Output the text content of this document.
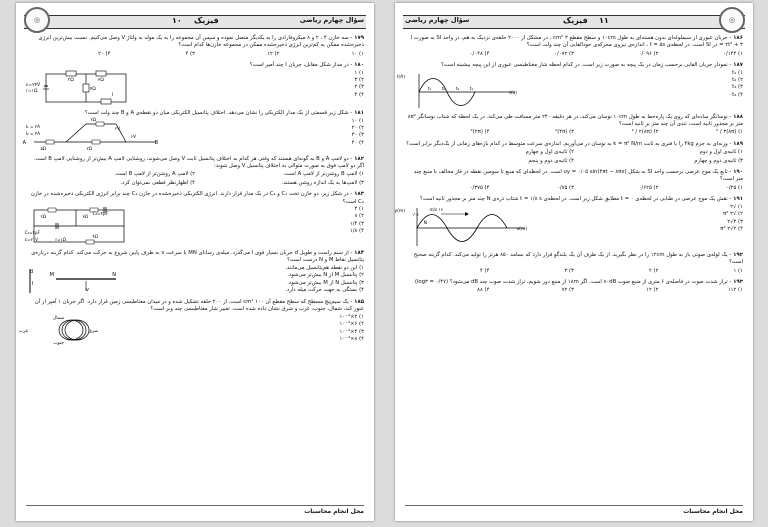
◎	۱۰ فیزیک	سؤال چهارم ریاضی
۱۷۹- سه خازن ۴ ، ۲ و ۸ میکروفارادی را به یکدیگر متصل نموده و سپس آن مجموعه را به یک مولد به ولتاژ V وصل می‌کنیم. نسبت بیش‌ترین انرژی ذخیره‌شده ممکن به کم‌ترین انرژی ذخیره‌شده ممکن در مجموعه خازن‌ها کدام است؟
۱) ۱۰
۲) ۱۲
۳) ۴
۴) ۲۰
۱۸۰- در مدار شکل مقابل، جریان I چند آمپر است؟
۱) ۱
۲) ۳
۳) ۲
۴) ۴
ε=۲۴V
r=۱Ω
۳Ω	۲Ω
۴Ω
I
۱۸۱- شکل زیر قسمتی از یک مدار الکتریکی را نشان می‌دهد. اختلاف پتانسیل الکتریکی میان دو نقطه‌ی A و B چند ولت است؟
۱) ۱۰
۲) ۲۰
۳) ۳۰
۴) ۴۰
A	B
I₁ = ۲A
I₂ = ۴A
۵Ω
۲Ω
۲Ω
۲V
۶V
۱۸۲- دو لامپ A و B به گونه‌ای هستند که وقتی هر کدام به اختلاف پتانسیل ثابت V وصل می‌شوند، روشنایی لامپ A بیش‌تر از روشنایی لامپ B است. اگر دو لامپ فوق به صورت متوالی به اختلاف پتانسیل V وصل شوند:
۱) لامپ B روشن‌تر از لامپ A است.
۲) لامپ A روشن‌تر از لامپ B است.
۳) لامپ‌ها به یک اندازه روشن هستند.
۴) اظهارنظر قطعی نمی‌توان کرد.
۱۸۳- در شکل زیر، دو خازن تخت C₁ و C₂ در یک مدار قرار دارند. انرژی الکتریکی ذخیره‌شده در خازن C₁ چند برابر انرژی الکتریکی ذخیره‌شده در خازن C₂ است؟
۱) ۴
۲) ۸
۳) ۱/۴
۴) ۱/۸
۲Ω	۳Ω
C₂=۴μF
C₁=۲μF
ε=۲۰V	r=۱Ω
۴Ω
۱۸۴- از سیم راست و طویل d جریان بسیار قوی I می‌گذرد. میله‌ی رسانای MN با سرعت v به طرف پایین شروع به حرکت می‌کند. کدام گزینه درباره‌ی پتانسیل نقاط M و N درست است؟
۱) این دو نقطه هم‌پتانسیل می‌مانند.
۲) پتانسیل M از N بیش‌تر می‌شود.
۳) پتانسیل N از M بیش‌تر می‌شود.
۴) بستگی به جهت حرکت میله دارد.
d
I
M	N
v
۱۸۵- یک سیم‌پیچ مسطح که سطح مقطع آن ۱۰۰ cm² است، از ۲۰۰ حلقه تشکیل شده و در میدان مغناطیسی زمین قرار دارد. اگر جریان ۱ آمپر از آن عبور کند، شمال، جنوب، غرب و شرق نشان داده شده است. تغییر شار مغناطیسی چند وبر است؟
۱) ۲×۱۰⁻⁴
۲) ۶×۱۰⁻⁴
۳) ۴×۱۰⁻⁴
۴) ۸×۱۰⁻⁴
شمال
جنوب
غرب	شرق
محل انجام محاسبات
سؤال چهارم ریاضی	فیزیک ۱۱	◎
۱۸۶- جریان عبوری از سیملوله‌ای بدون هسته‌ای به طول ۱۰cm و سطح مقطع ۳ cm² ، در مشکل از ۲۰۰۰ حلقه‌ی نزدیک به هم، در واحد SI به صورت I = ۲t² + ۳ در SI است. در لحظه‌ی t = ۵s ، اندازه‌ی نیروی محرکه‌ی خودالقایی آن چند ولت است؟
۱) ۰/۱۴۴
۲) ۰/۰۹۶
۳) ۰/۰۷۲
۴) ۰/۰۴۸
۱۸۷- نمودار جریان القایی برحسب زمان در یک پیچه به صورت زیر است. در کدام لحظه شار مغناطیسی عبوری از این پیچه بیشینه است؟
۱) t₁
۲) t₂
۳) t₃
۴) t₄
I(A)
t(s)
t₁	t₂	t₃	t₄
۱۸۸- نوسانگر ساده‌ای که روی یک پاره‌خط به طول ۱۰cm نوسان می‌کند، در هر دقیقه ۲۴۰ متر مسافت طی می‌کند. در یک لحظه که شتاب نوسانگر ۸π² متر بر مجذور ثانیه است، تندی آن چند متر بر ثانیه است؟
۱) (۸π)² / ۳
۲) (۸π)² / ۲
۳) (۴π)²
۴) (۲π)²
۱۸۹- وزنه‌ای به جرم ۴kg را با فنری به ثابت k = π² N/m به نوسان در می‌آوریم. اندازه‌ی سرعت متوسط در کدام بازه‌های زمانی از یک‌دیگر برابر است؟
۱) ثانیه‌ی اول و دوم
۲) ثانیه‌ی اول و چهارم
۳) ثانیه‌ی دوم و چهارم
۴) ثانیه‌ی دوم و پنجم
۱۹۰- تابع یک موج عرضی برحسب واحد SI به شکل uy = ۰/۰۵ sin(۴πt − ۸πx) است. در لحظه‌ای که منبع تا سومین نقطه در فاز مخالف با منبع چند متر است؟
۱) ۰/۲۵
۲) ۰/۶۲۵
۳) ۰/۷۵
۴) ۰/۳۷۵
۱۹۱- نقش یک موج عرضی در طنابی در لحظه‌ی t = ۰ مطابق شکل زیر است. در لحظه‌ی t = ۱/۸ s شتاب ذره‌ی N چند متر بر مجذور ثانیه است؟
۱) √۲
۲) √۲ π²
۳) ۴√۲
۴) ۲√۲ π²
y(m)
x(m)
۱۶ m/s
N
۰/۰۲
۱۹۲- یک لوله‌ی صوتی باز به طول ۱۲cm را در نظر بگیرید. از یک طرف آن یک بلندگو قرار دارد که بسامد ۸۵۰ هرتز را تولید می‌کند. کدام گزینه صحیح است؟
۱) ۱
۲) ۲
۳) ۳
۴) ۴
۱۹۳- تراز شدت صوت در فاصله‌ی ۶ متری از منبع صوت ۸۰dB است. اگر ۱۸m از منبع دور شویم، تراز شدت صوت چند dB می‌شود؟ (log۳ = ۰/۴۷)
۱) ۱۱۲
۲) ۱۲
۳) ۷۲
۴) ۸۸
محل انجام محاسبات
